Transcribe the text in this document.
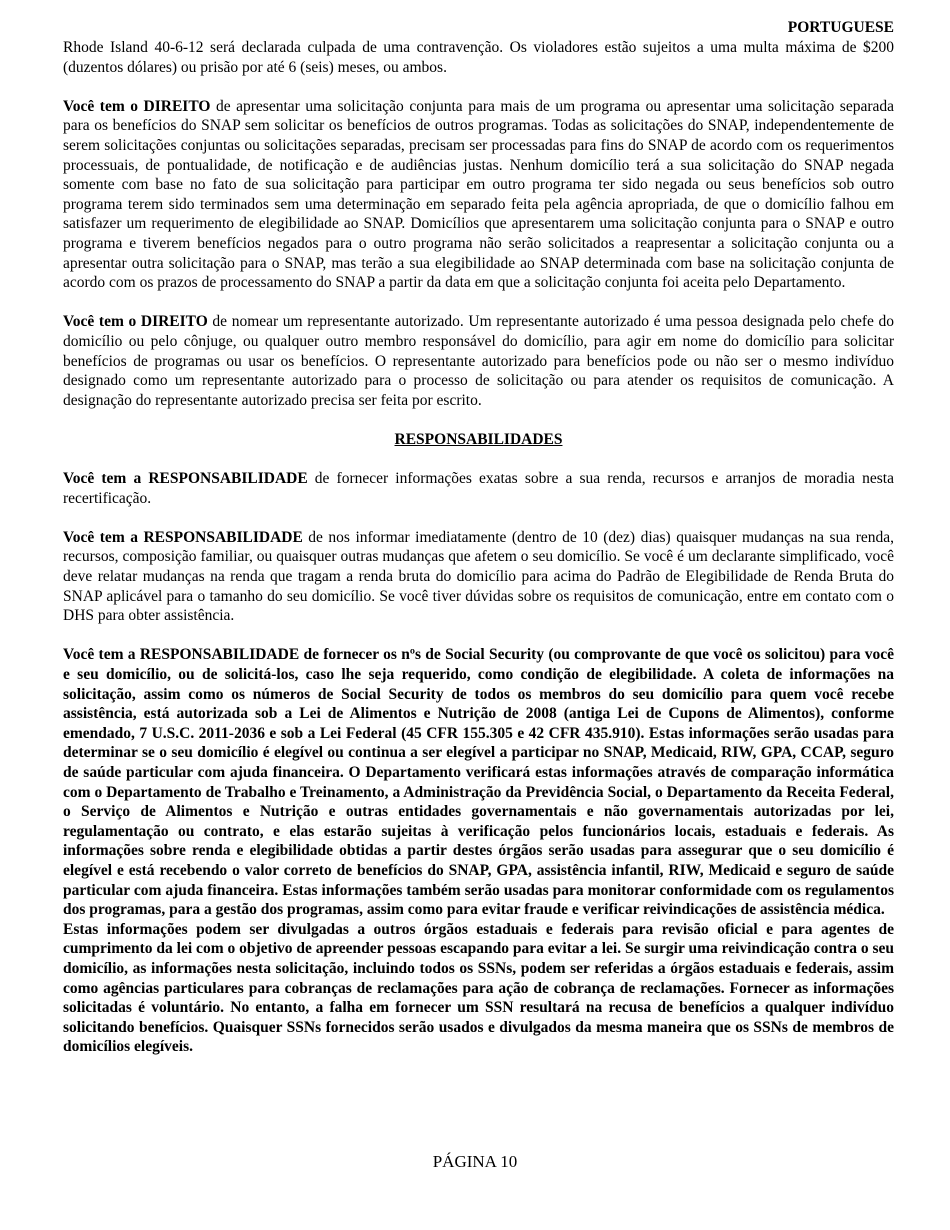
PORTUGUESE

Rhode Island 40-6-12 será declarada culpada de uma contravenção. Os violadores estão sujeitos a uma multa máxima de $200 (duzentos dólares) ou prisão por até 6 (seis) meses, ou ambos.

Você tem o DIREITO de apresentar uma solicitação conjunta para mais de um programa ou apresentar uma solicitação separada para os benefícios do SNAP sem solicitar os benefícios de outros programas. Todas as solicitações do SNAP, independentemente de serem solicitações conjuntas ou solicitações separadas, precisam ser processadas para fins do SNAP de acordo com os requerimentos processuais, de pontualidade, de notificação e de audiências justas. Nenhum domicílio terá a sua solicitação do SNAP negada somente com base no fato de sua solicitação para participar em outro programa ter sido negada ou seus benefícios sob outro programa terem sido terminados sem uma determinação em separado feita pela agência apropriada, de que o domicílio falhou em satisfazer um requerimento de elegibilidade ao SNAP. Domicílios que apresentarem uma solicitação conjunta para o SNAP e outro programa e tiverem benefícios negados para o outro programa não serão solicitados a reapresentar a solicitação conjunta ou a apresentar outra solicitação para o SNAP, mas terão a sua elegibilidade ao SNAP determinada com base na solicitação conjunta de acordo com os prazos de processamento do SNAP a partir da data em que a solicitação conjunta foi aceita pelo Departamento.

Você tem o DIREITO de nomear um representante autorizado. Um representante autorizado é uma pessoa designada pelo chefe do domicílio ou pelo cônjuge, ou qualquer outro membro responsável do domicílio, para agir em nome do domicílio para solicitar benefícios de programas ou usar os benefícios. O representante autorizado para benefícios pode ou não ser o mesmo indivíduo designado como um representante autorizado para o processo de solicitação ou para atender os requisitos de comunicação. A designação do representante autorizado precisa ser feita por escrito.

RESPONSABILIDADES

Você tem a RESPONSABILIDADE de fornecer informações exatas sobre a sua renda, recursos e arranjos de moradia nesta recertificação.

Você tem a RESPONSABILIDADE de nos informar imediatamente (dentro de 10 (dez) dias) quaisquer mudanças na sua renda, recursos, composição familiar, ou quaisquer outras mudanças que afetem o seu domicílio. Se você é um declarante simplificado, você deve relatar mudanças na renda que tragam a renda bruta do domicílio para acima do Padrão de Elegibilidade de Renda Bruta do SNAP aplicável para o tamanho do seu domicílio. Se você tiver dúvidas sobre os requisitos de comunicação, entre em contato com o DHS para obter assistência.

Você tem a RESPONSABILIDADE de fornecer os nºs de Social Security (ou comprovante de que você os solicitou) para você e seu domicílio, ou de solicitá-los, caso lhe seja requerido, como condição de elegibilidade. A coleta de informações na solicitação, assim como os números de Social Security de todos os membros do seu domicílio para quem você recebe assistência, está autorizada sob a Lei de Alimentos e Nutrição de 2008 (antiga Lei de Cupons de Alimentos), conforme emendado, 7 U.S.C. 2011-2036 e sob a Lei Federal (45 CFR 155.305 e 42 CFR 435.910). Estas informações serão usadas para determinar se o seu domicílio é elegível ou continua a ser elegível a participar no SNAP, Medicaid, RIW, GPA, CCAP, seguro de saúde particular com ajuda financeira. O Departamento verificará estas informações através de comparação informática com o Departamento de Trabalho e Treinamento, a Administração da Previdência Social, o Departamento da Receita Federal, o Serviço de Alimentos e Nutrição e outras entidades governamentais e não governamentais autorizadas por lei, regulamentação ou contrato, e elas estarão sujeitas à verificação pelos funcionários locais, estaduais e federais. As informações sobre renda e elegibilidade obtidas a partir destes órgãos serão usadas para assegurar que o seu domicílio é elegível e está recebendo o valor correto de benefícios do SNAP, GPA, assistência infantil, RIW, Medicaid e seguro de saúde particular com ajuda financeira. Estas informações também serão usadas para monitorar conformidade com os regulamentos dos programas, para a gestão dos programas, assim como para evitar fraude e verificar reivindicações de assistência médica.

Estas informações podem ser divulgadas a outros órgãos estaduais e federais para revisão oficial e para agentes de cumprimento da lei com o objetivo de apreender pessoas escapando para evitar a lei. Se surgir uma reivindicação contra o seu domicílio, as informações nesta solicitação, incluindo todos os SSNs, podem ser referidas a órgãos estaduais e federais, assim como agências particulares para cobranças de reclamações para ação de cobrança de reclamações. Fornecer as informações solicitadas é voluntário. No entanto, a falha em fornecer um SSN resultará na recusa de benefícios a qualquer indivíduo solicitando benefícios. Quaisquer SSNs fornecidos serão usados e divulgados da mesma maneira que os SSNs de membros de domicílios elegíveis.

PÁGINA 10
